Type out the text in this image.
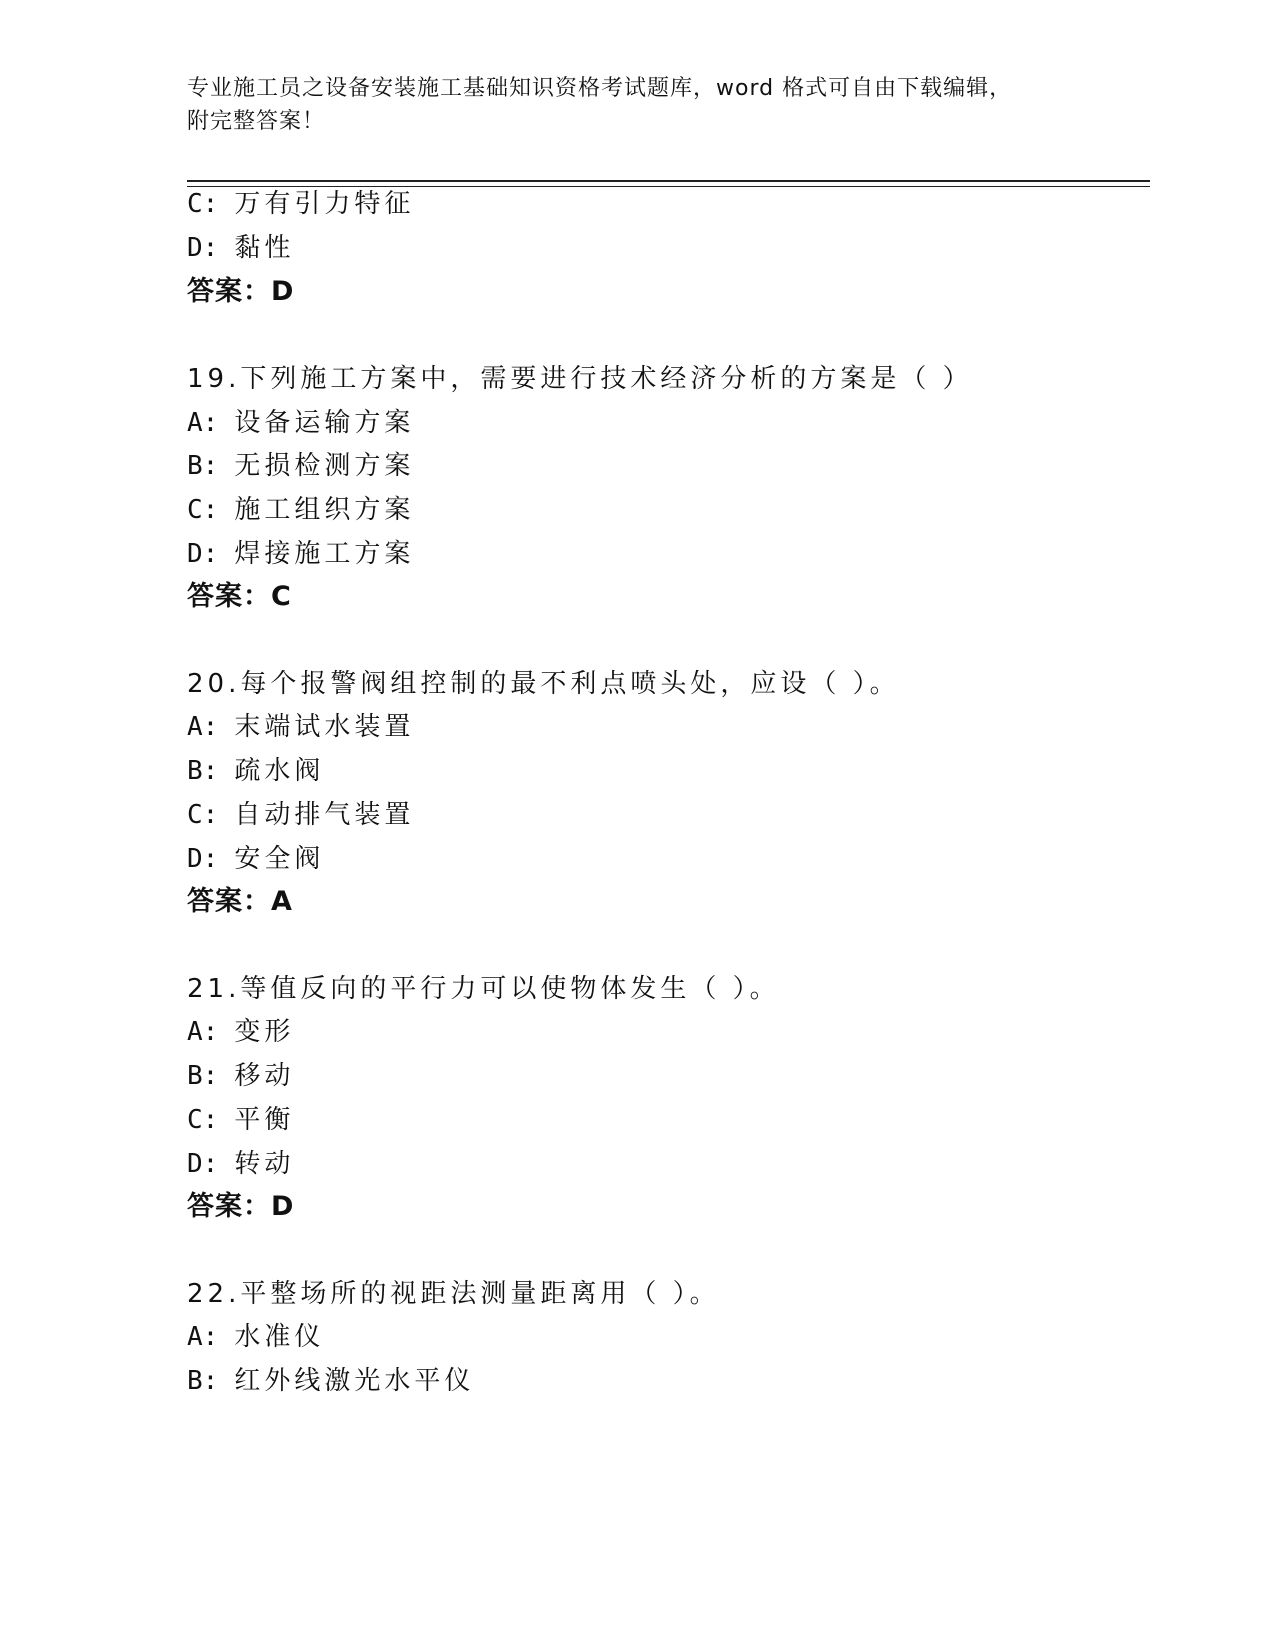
专业施工员之设备安装施工基础知识资格考试题库，word 格式可自由下载编辑，
附完整答案！
C: 万有引力特征
D: 黏性
答案：D
19.下列施工方案中，需要进行技术经济分析的方案是（ ）
A: 设备运输方案
B: 无损检测方案
C: 施工组织方案
D: 焊接施工方案
答案：C
20.每个报警阀组控制的最不利点喷头处，应设（ ）。
A: 末端试水装置
B: 疏水阀
C: 自动排气装置
D: 安全阀
答案：A
21.等值反向的平行力可以使物体发生（ ）。
A: 变形
B: 移动
C: 平衡
D: 转动
答案：D
22.平整场所的视距法测量距离用（ ）。
A: 水准仪
B: 红外线激光水平仪
